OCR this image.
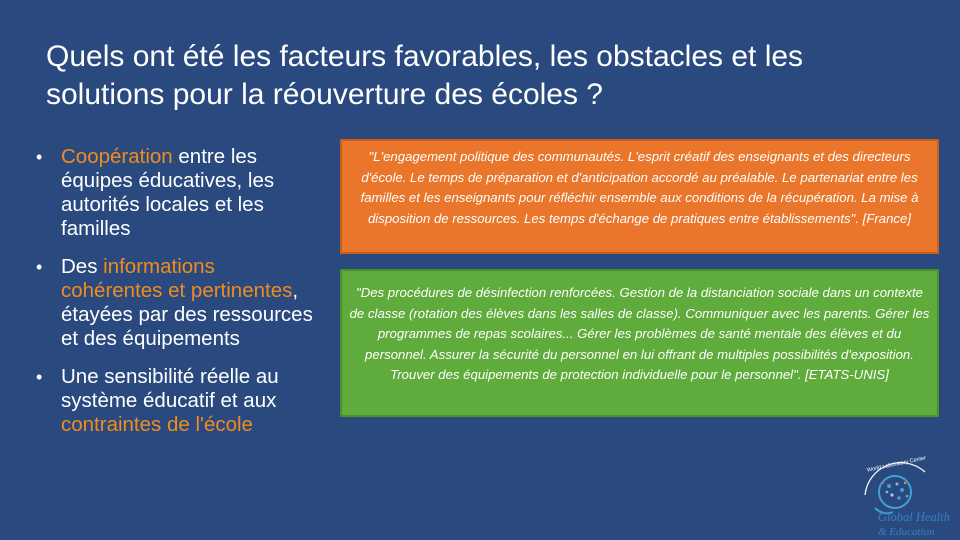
Quels ont été les facteurs favorables, les obstacles et les solutions pour la réouverture des écoles ?
• Coopération entre les équipes éducatives, les autorités locales et les familles
• Des informations cohérentes et pertinentes, étayées par des ressources et des équipements
• Une sensibilité réelle au système éducatif et aux contraintes de l'école
"L'engagement politique des communautés. L'esprit créatif des enseignants et des directeurs d'école. Le temps de préparation et d'anticipation accordé au préalable. Le partenariat entre les familles et les enseignants pour réfléchir ensemble aux conditions de la récupération. La mise à disposition de ressources. Les temps d'échange de pratiques entre établissements". [France]
"Des procédures de désinfection renforcées. Gestion de la distanciation sociale dans un contexte de classe (rotation des élèves dans les salles de classe). Communiquer avec les parents. Gérer les programmes de repas scolaires... Gérer les problèmes de santé mentale des élèves et du personnel. Assurer la sécurité du personnel en lui offrant de multiples possibilités d'exposition. Trouver des équipements de protection individuelle pour le personnel". [ETATS-UNIS]
World Laboratory Center
Global Health
& Education
